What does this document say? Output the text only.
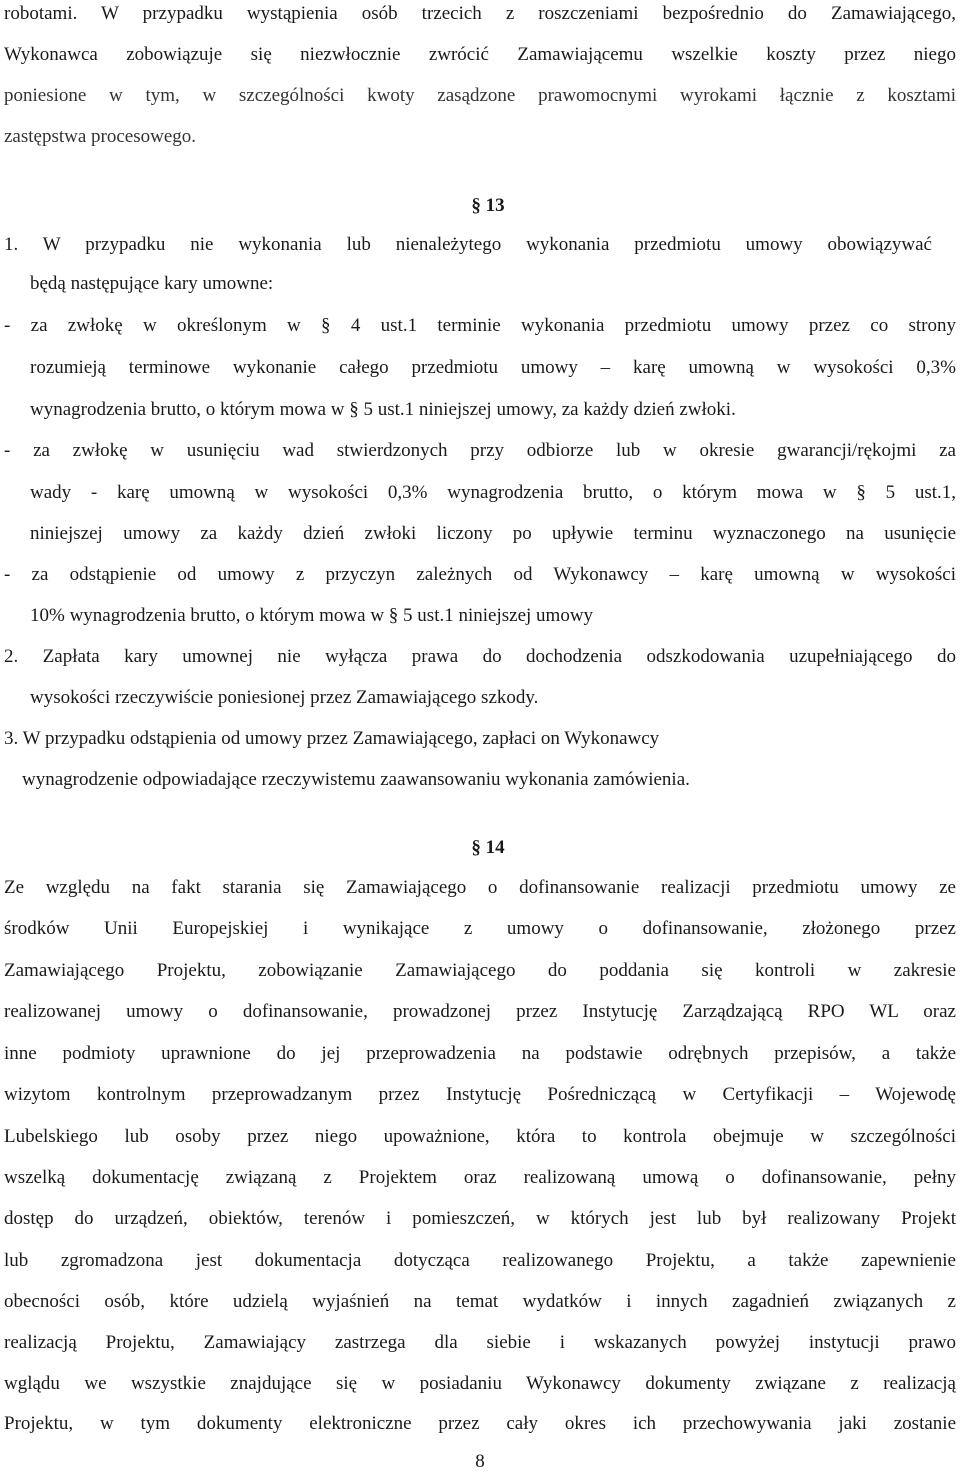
robotami. W przypadku wystąpienia osób trzecich z roszczeniami bezpośrednio do Zamawiającego,
Wykonawca zobowiązuje się niezwłocznie zwrócić Zamawiającemu wszelkie koszty przez niego
poniesione w tym, w szczególności kwoty zasądzone prawomocnymi wyrokami łącznie z kosztami
zastępstwa procesowego.
§ 13
1. W przypadku nie wykonania lub nienależytego wykonania przedmiotu umowy obowiązywać
będą następujące kary umowne:
- za zwłokę w określonym w § 4 ust.1 terminie wykonania przedmiotu umowy przez co strony
rozumieją terminowe wykonanie całego przedmiotu umowy – karę umowną w wysokości 0,3%
wynagrodzenia brutto, o którym mowa w § 5 ust.1 niniejszej umowy, za każdy dzień zwłoki.
- za zwłokę w usunięciu wad stwierdzonych przy odbiorze lub w okresie gwarancji/rękojmi za
wady - karę umowną w wysokości 0,3% wynagrodzenia brutto, o którym mowa w § 5 ust.1,
niniejszej umowy za każdy dzień zwłoki liczony po upływie terminu wyznaczonego na usunięcie
- za odstąpienie od umowy z przyczyn zależnych od Wykonawcy – karę umowną w wysokości
10% wynagrodzenia brutto, o którym mowa w § 5 ust.1 niniejszej umowy
2. Zapłata kary umownej nie wyłącza prawa do dochodzenia odszkodowania uzupełniającego do
wysokości rzeczywiście poniesionej przez Zamawiającego szkody.
3. W przypadku odstąpienia od umowy przez Zamawiającego, zapłaci on Wykonawcy
wynagrodzenie odpowiadające rzeczywistemu zaawansowaniu wykonania zamówienia.
§ 14
Ze względu na fakt starania się Zamawiającego o dofinansowanie realizacji przedmiotu umowy ze
środków Unii Europejskiej i wynikające z umowy o dofinansowanie, złożonego przez
Zamawiającego Projektu, zobowiązanie Zamawiającego do poddania się kontroli w zakresie
realizowanej umowy o dofinansowanie, prowadzonej przez Instytucję Zarządzającą RPO WL oraz
inne podmioty uprawnione do jej przeprowadzenia na podstawie odrębnych przepisów, a także
wizytom kontrolnym przeprowadzanym przez Instytucję Pośredniczącą w Certyfikacji – Wojewodę
Lubelskiego lub osoby przez niego upoważnione, która to kontrola obejmuje w szczególności
wszelką dokumentację związaną z Projektem oraz realizowaną umową o dofinansowanie, pełny
dostęp do urządzeń, obiektów, terenów i pomieszczeń, w których jest lub był realizowany Projekt
lub zgromadzona jest dokumentacja dotycząca realizowanego Projektu, a także zapewnienie
obecności osób, które udzielą wyjaśnień na temat wydatków i innych zagadnień związanych z
realizacją Projektu, Zamawiający zastrzega dla siebie i wskazanych powyżej instytucji prawo
wglądu we wszystkie znajdujące się w posiadaniu Wykonawcy dokumenty związane z realizacją
Projektu, w tym dokumenty elektroniczne przez cały okres ich przechowywania jaki zostanie
8
